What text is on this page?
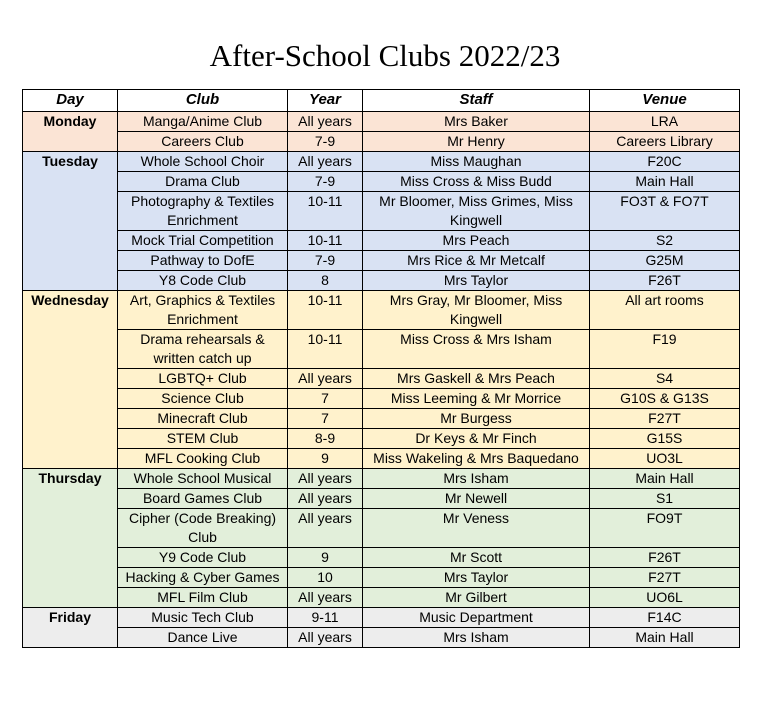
After-School Clubs 2022/23
Day	Club	Year	Staff	Venue
Monday	Manga/Anime Club	All years	Mrs Baker	LRA
	Careers Club	7-9	Mr Henry	Careers Library
Tuesday	Whole School Choir	All years	Miss Maughan	F20C
	Drama Club	7-9	Miss Cross & Miss Budd	Main Hall
	Photography & Textiles Enrichment	10-11	Mr Bloomer, Miss Grimes, Miss Kingwell	FO3T & FO7T
	Mock Trial Competition	10-11	Mrs Peach	S2
	Pathway to DofE	7-9	Mrs Rice & Mr Metcalf	G25M
	Y8 Code Club	8	Mrs Taylor	F26T
Wednesday	Art, Graphics & Textiles Enrichment	10-11	Mrs Gray, Mr Bloomer, Miss Kingwell	All art rooms
	Drama rehearsals & written catch up	10-11	Miss Cross & Mrs Isham	F19
	LGBTQ+ Club	All years	Mrs Gaskell & Mrs Peach	S4
	Science Club	7	Miss Leeming & Mr Morrice	G10S & G13S
	Minecraft Club	7	Mr Burgess	F27T
	STEM Club	8-9	Dr Keys & Mr Finch	G15S
	MFL Cooking Club	9	Miss Wakeling & Mrs Baquedano	UO3L
Thursday	Whole School Musical	All years	Mrs Isham	Main Hall
	Board Games Club	All years	Mr Newell	S1
	Cipher (Code Breaking) Club	All years	Mr Veness	FO9T
	Y9 Code Club	9	Mr Scott	F26T
	Hacking & Cyber Games	10	Mrs Taylor	F27T
	MFL Film Club	All years	Mr Gilbert	UO6L
Friday	Music Tech Club	9-11	Music Department	F14C
	Dance Live	All years	Mrs Isham	Main Hall
